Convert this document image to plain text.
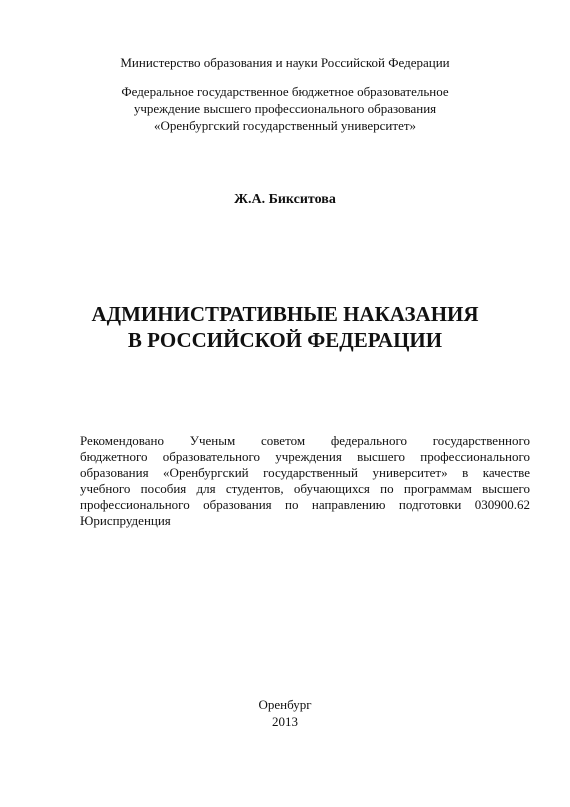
Министерство образования и науки Российской Федерации
Федеральное государственное бюджетное образовательное
учреждение высшего профессионального образования
«Оренбургский государственный университет»
Ж.А. Бикситова
АДМИНИСТРАТИВНЫЕ НАКАЗАНИЯ
В РОССИЙСКОЙ ФЕДЕРАЦИИ
Рекомендовано Ученым советом федерального государственного
бюджетного образовательного учреждения высшего профессионального
образования «Оренбургский государственный университет» в качестве
учебного пособия для студентов, обучающихся по программам высшего
профессионального образования по направлению подготовки 030900.62
Юриспруденция
Оренбург
2013
